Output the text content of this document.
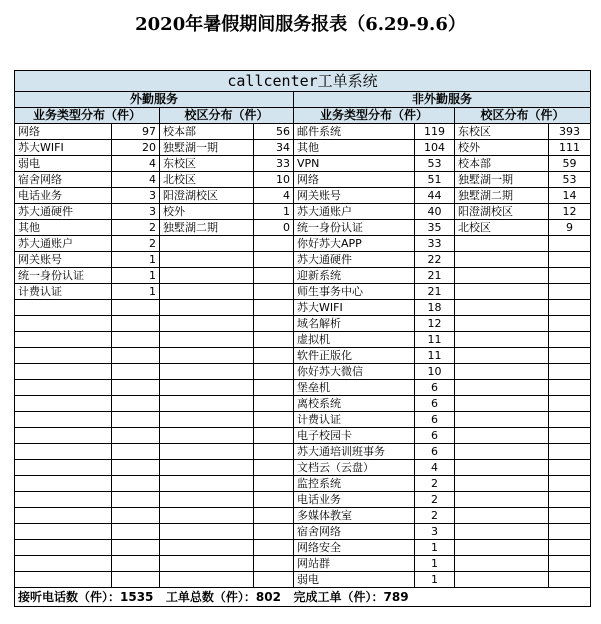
2020年暑假期间服务报表（6.29-9.6）
callcenter工单系统							
外勤服务				非外勤服务			
业务类型分布（件）		校区分布（件）		业务类型分布（件）		校区分布（件）	
网络	97	校本部	56	邮件系统	119	东校区	393
苏大WIFI	20	独墅湖一期	34	其他	104	校外	111
弱电	4	东校区	33	VPN	53	校本部	59
宿舍网络	4	北校区	10	网络	51	独墅湖一期	53
电话业务	3	阳澄湖校区	4	网关账号	44	独墅湖二期	14
苏大通硬件	3	校外	1	苏大通账户	40	阳澄湖校区	12
其他	2	独墅湖二期	0	统一身份认证	35	北校区	9
苏大通账户	2			你好苏大APP	33		
网关账号	1			苏大通硬件	22		
统一身份认证	1			迎新系统	21		
计费认证	1			师生事务中心	21		
				苏大WIFI	18		
				域名解析	12		
				虚拟机	11		
				软件正版化	11		
				你好苏大微信	10		
				堡垒机	6		
				离校系统	6		
				计费认证	6		
				电子校园卡	6		
				苏大通培训班事务	6		
				文档云（云盘）	4		
				监控系统	2		
				电话业务	2		
				多媒体教室	2		
				宿舍网络	3		
				网络安全	1		
				网站群	1		
				弱电	1		
接听电话数（件）：1535   工单总数（件）：802   完成工单（件）：789							
